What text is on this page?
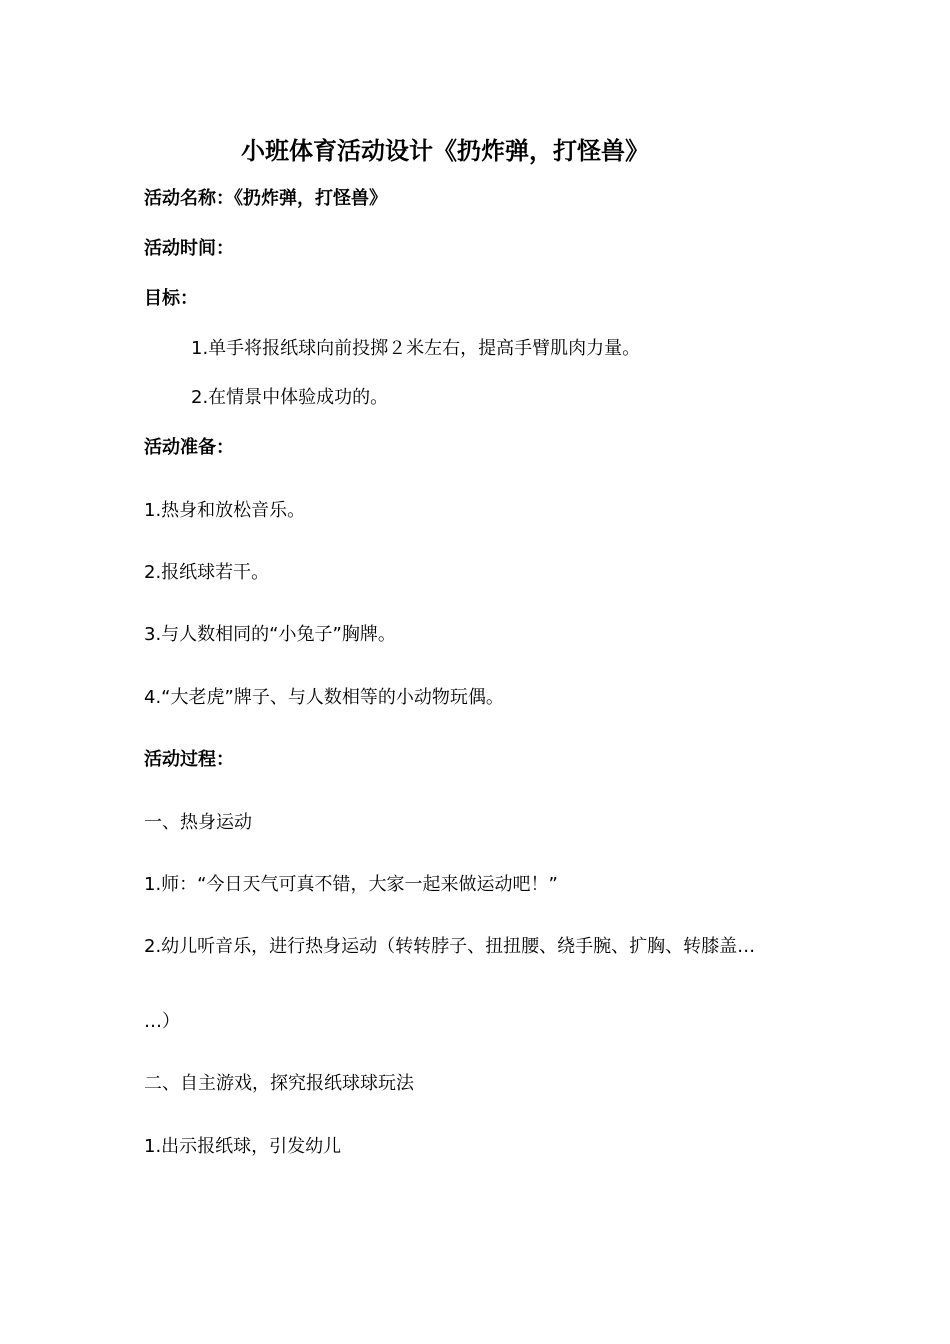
小班体育活动设计《扔炸弹，打怪兽》
活动名称：《扔炸弹，打怪兽》
活动时间：
目标：
1.单手将报纸球向前投掷２米左右，提高手臂肌肉力量。
2.在情景中体验成功的。
活动准备：
1.热身和放松音乐。
2.报纸球若干。
3.与人数相同的“小兔子”胸牌。
4.“大老虎”牌子、与人数相等的小动物玩偶。
活动过程：
一、热身运动
1.师：“今日天气可真不错，大家一起来做运动吧！”
2.幼儿听音乐，进行热身运动（转转脖子、扭扭腰、绕手腕、扩胸、转膝盖…
…）
二、自主游戏，探究报纸球球玩法
1.出示报纸球，引发幼儿
